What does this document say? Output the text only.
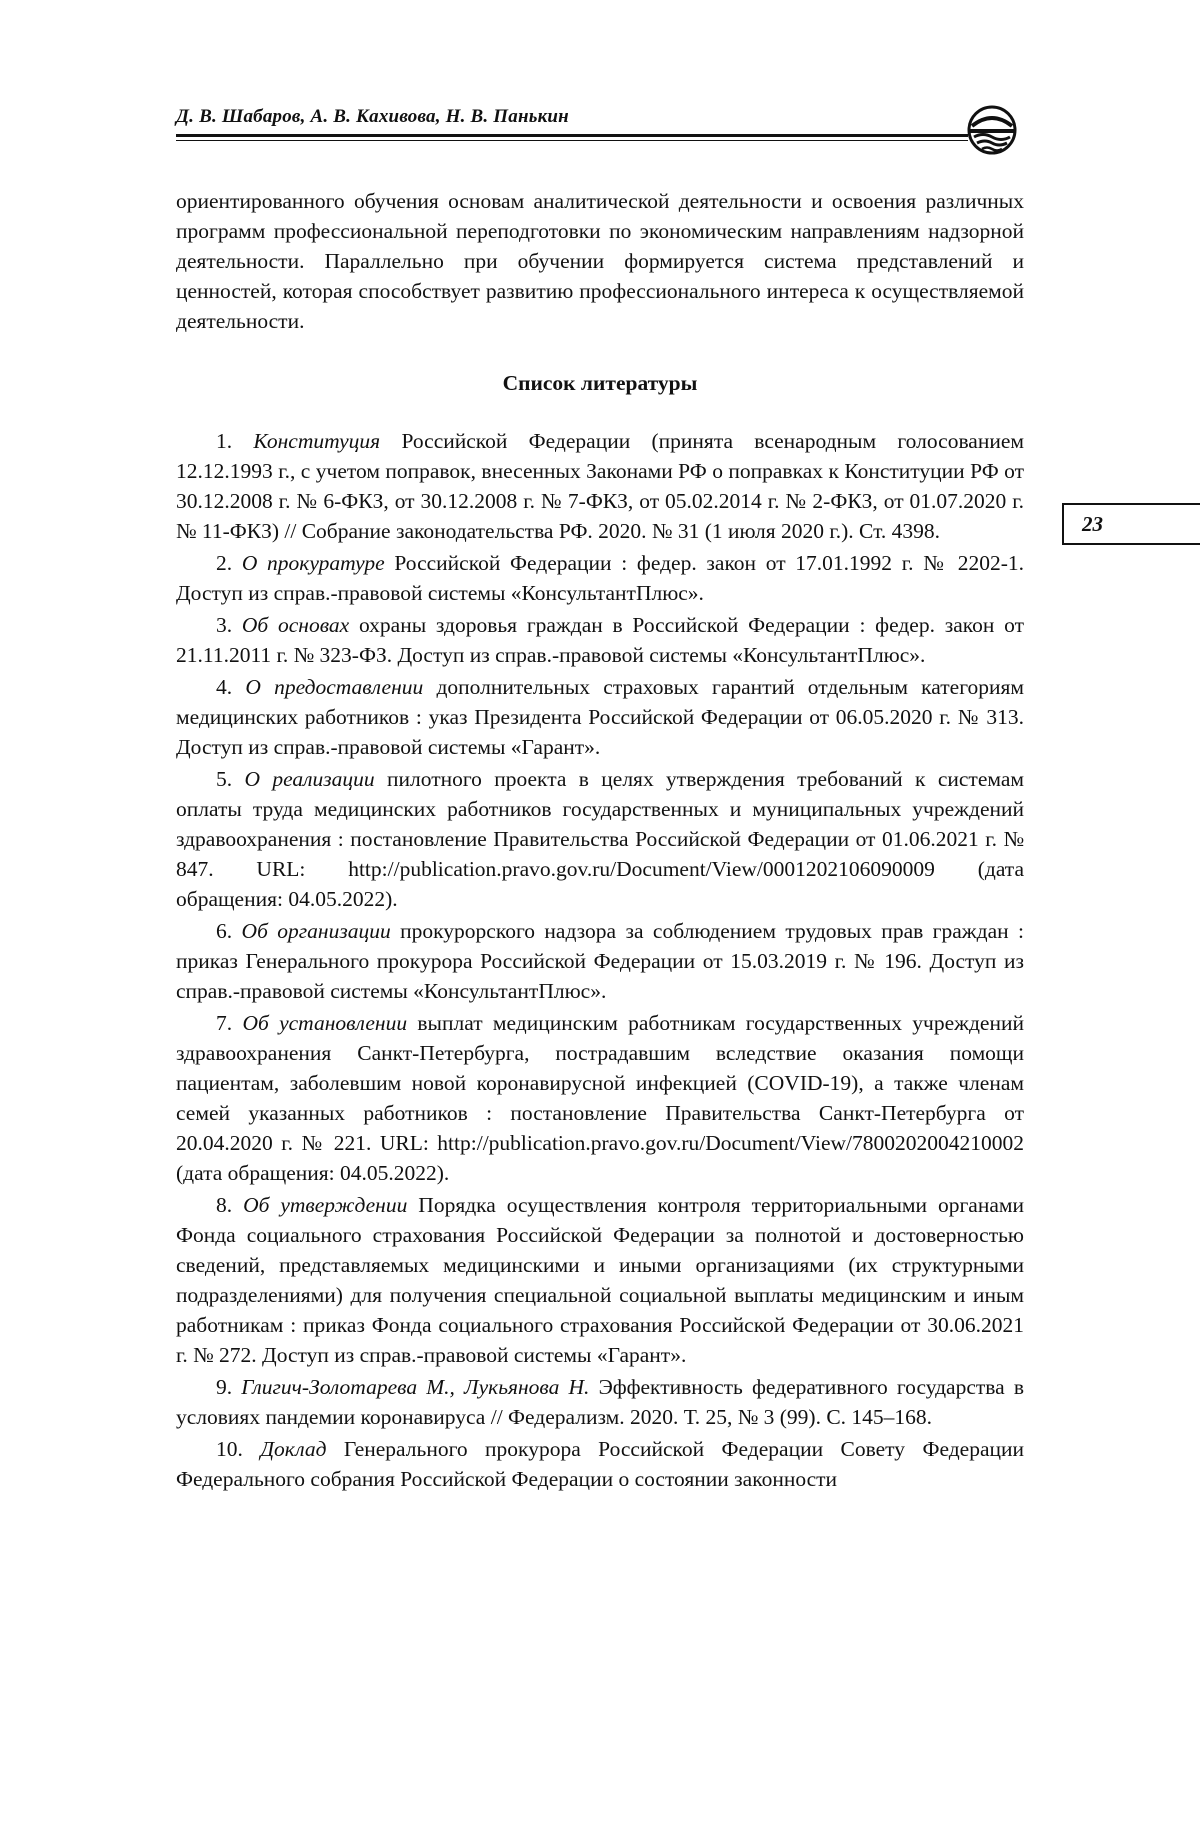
Д. В. Шабаров, А. В. Кахивова, Н. В. Панькин
23

ориентированного обучения основам аналитической деятельности и освоения различных программ профессиональной переподготовки по экономическим направлениям надзорной деятельности. Параллельно при обучении формируется система представлений и ценностей, которая способствует развитию профессионального интереса к осуществляемой деятельности.

Список литературы

1. Конституция Российской Федерации (принята всенародным голосованием 12.12.1993 г., с учетом поправок, внесенных Законами РФ о поправках к Конституции РФ от 30.12.2008 г. № 6-ФКЗ, от 30.12.2008 г. № 7-ФКЗ, от 05.02.2014 г. № 2-ФКЗ, от 01.07.2020 г. № 11-ФКЗ) // Собрание законодательства РФ. 2020. № 31 (1 июля 2020 г.). Ст. 4398.

2. О прокуратуре Российской Федерации : федер. закон от 17.01.1992 г. № 2202-1. Доступ из справ.-правовой системы «КонсультантПлюс».

3. Об основах охраны здоровья граждан в Российской Федерации : федер. закон от 21.11.2011 г. № 323-ФЗ. Доступ из справ.-правовой системы «КонсультантПлюс».

4. О предоставлении дополнительных страховых гарантий отдельным категориям медицинских работников : указ Президента Российской Федерации от 06.05.2020 г. № 313. Доступ из справ.-правовой системы «Гарант».

5. О реализации пилотного проекта в целях утверждения требований к системам оплаты труда медицинских работников государственных и муниципальных учреждений здравоохранения : постановление Правительства Российской Федерации от 01.06.2021 г. № 847. URL: http://publication.pravo.gov.ru/Document/View/0001202106090009 (дата обращения: 04.05.2022).

6. Об организации прокурорского надзора за соблюдением трудовых прав граждан : приказ Генерального прокурора Российской Федерации от 15.03.2019 г. № 196. Доступ из справ.-правовой системы «КонсультантПлюс».

7. Об установлении выплат медицинским работникам государственных учреждений здравоохранения Санкт-Петербурга, пострадавшим вследствие оказания помощи пациентам, заболевшим новой коронавирусной инфекцией (COVID-19), а также членам семей указанных работников : постановление Правительства Санкт-Петербурга от 20.04.2020 г. № 221. URL: http://publication.pravo.gov.ru/Document/View/7800202004210002 (дата обращения: 04.05.2022).

8. Об утверждении Порядка осуществления контроля территориальными органами Фонда социального страхования Российской Федерации за полнотой и достоверностью сведений, представляемых медицинскими и иными организациями (их структурными подразделениями) для получения специальной социальной выплаты медицинским и иным работникам : приказ Фонда социального страхования Российской Федерации от 30.06.2021 г. № 272. Доступ из справ.-правовой системы «Гарант».

9. Глигич-Золотарева М., Лукьянова Н. Эффективность федеративного государства в условиях пандемии коронавируса // Федерализм. 2020. Т. 25, № 3 (99). С. 145–168.

10. Доклад Генерального прокурора Российской Федерации Совету Федерации Федерального собрания Российской Федерации о состоянии законности
